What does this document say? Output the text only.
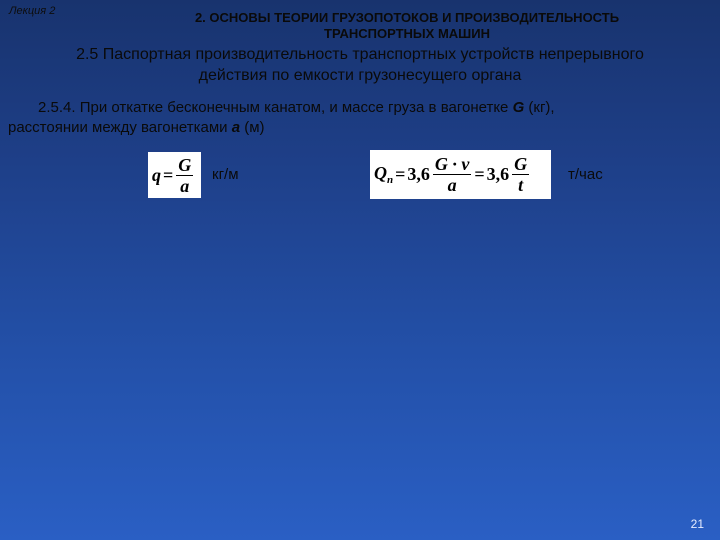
Лекция 2	2. ОСНОВЫ ТЕОРИИ ГРУЗОПОТОКОВ И ПРОИЗВОДИТЕЛЬНОСТЬ
ТРАНСПОРТНЫХ МАШИН
2.5 Паспортная производительность транспортных устройств непрерывного
действия по емкости грузонесущего органа
2.5.4. При откатке бесконечным канатом, и массе груза в вагонетке G (кг),
расстоянии между вагонетками а (м)
$q = \frac{G}{a} кг/м$	$Q_п = 3,6 \frac{G \cdot v}{a} = 3,6 \frac{G}{t}$	т/час
21
